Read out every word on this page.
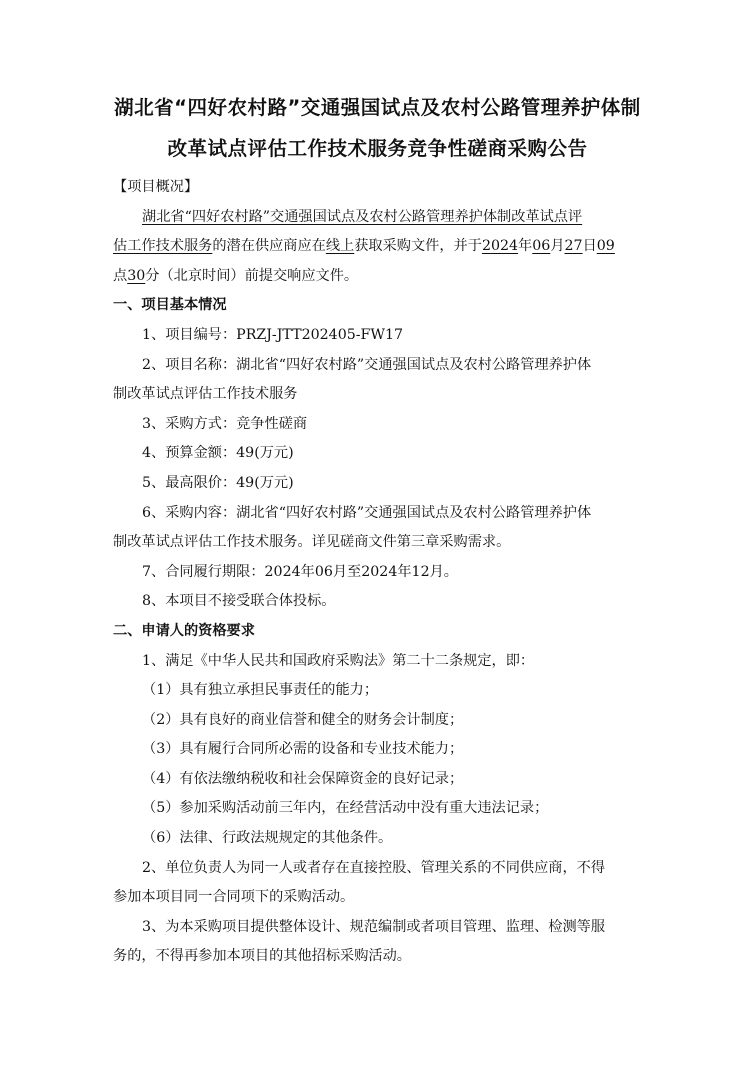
湖北省“四好农村路”交通强国试点及农村公路管理养护体制

改革试点评估工作技术服务竞争性磋商采购公告

【项目概况】

湖北省“四好农村路”交通强国试点及农村公路管理养护体制改革试点评

估工作技术服务的潜在供应商应在线上获取采购文件，并于2024年06月27日09

点30分（北京时间）前提交响应文件。

一、项目基本情况

1、项目编号：PRZJ-JTT202405-FW17

2、项目名称：湖北省“四好农村路”交通强国试点及农村公路管理养护体

制改革试点评估工作技术服务

3、采购方式：竞争性磋商

4、预算金额：49(万元)

5、最高限价：49(万元)

6、采购内容：湖北省“四好农村路”交通强国试点及农村公路管理养护体

制改革试点评估工作技术服务。详见磋商文件第三章采购需求。

7、合同履行期限：2024年06月至2024年12月。

8、本项目不接受联合体投标。

二、申请人的资格要求

1、满足《中华人民共和国政府采购法》第二十二条规定，即：

（1）具有独立承担民事责任的能力；

（2）具有良好的商业信誉和健全的财务会计制度；

（3）具有履行合同所必需的设备和专业技术能力；

（4）有依法缴纳税收和社会保障资金的良好记录；

（5）参加采购活动前三年内，在经营活动中没有重大违法记录；

（6）法律、行政法规规定的其他条件。

2、单位负责人为同一人或者存在直接控股、管理关系的不同供应商，不得

参加本项目同一合同项下的采购活动。

3、为本采购项目提供整体设计、规范编制或者项目管理、监理、检测等服

务的，不得再参加本项目的其他招标采购活动。
